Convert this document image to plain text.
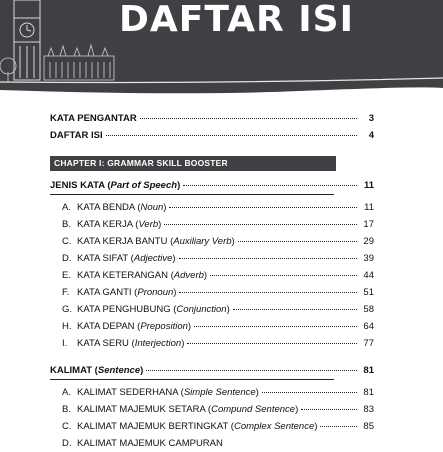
DAFTAR ISI
KATA PENGANTAR	3
DAFTAR ISI	4
CHAPTER I: GRAMMAR SKILL BOOSTER
JENIS KATA (Part of Speech)	11
A. KATA BENDA (Noun)	11
B. KATA KERJA (Verb)	17
C. KATA KERJA BANTU (Auxiliary Verb)	29
D. KATA SIFAT (Adjective)	39
E. KATA KETERANGAN (Adverb)	44
F. KATA GANTI (Pronoun)	51
G. KATA PENGHUBUNG (Conjunction)	58
H. KATA DEPAN (Preposition)	64
I. KATA SERU (Interjection)	77
KALIMAT (Sentence)	81
A. KALIMAT SEDERHANA (Simple Sentence)	81
B. KALIMAT MAJEMUK SETARA (Compund Sentence)	83
C. KALIMAT MAJEMUK BERTINGKAT (Complex Sentence)	85
D. KALIMAT MAJEMUK CAMPURAN
